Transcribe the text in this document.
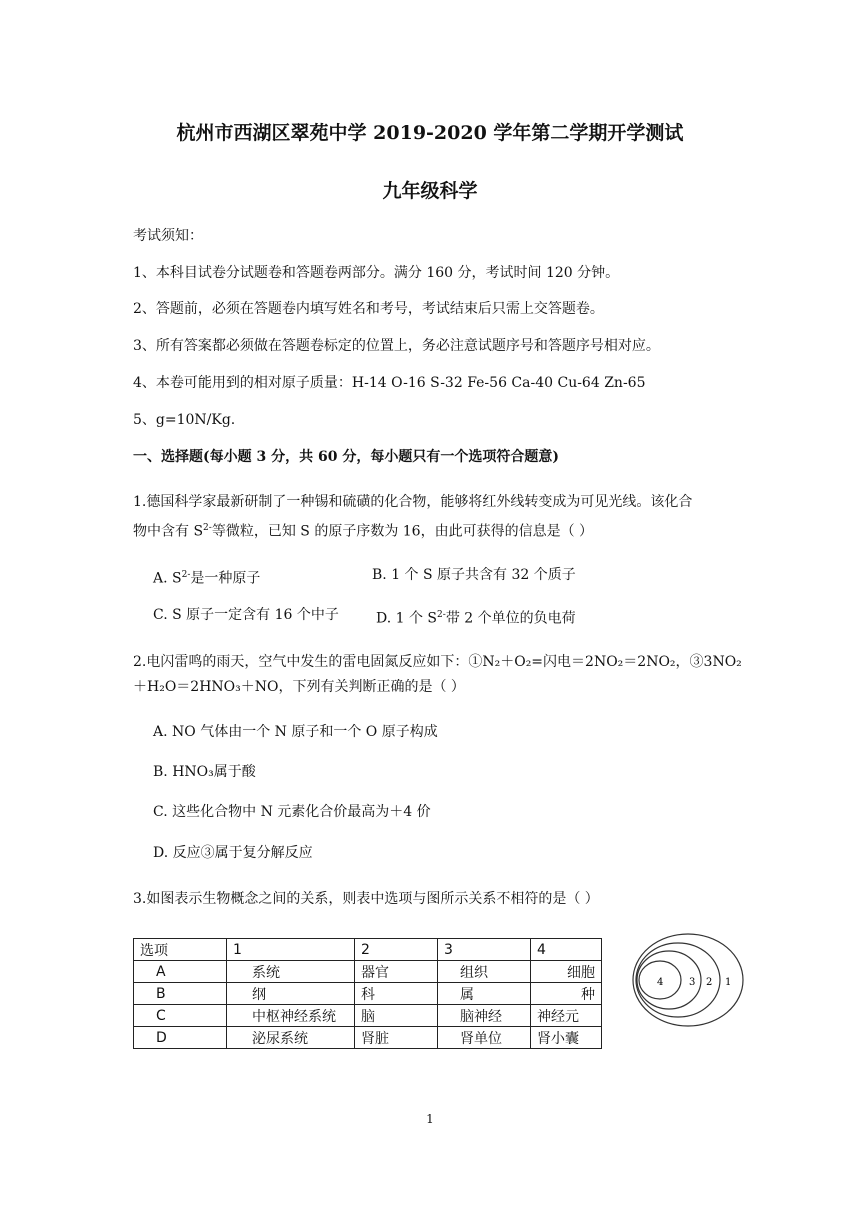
杭州市西湖区翠苑中学 2019-2020 学年第二学期开学测试
九年级科学
考试须知：
1、本科目试卷分试题卷和答题卷两部分。满分 160 分，考试时间 120 分钟。
2、答题前，必须在答题卷内填写姓名和考号，考试结束后只需上交答题卷。
3、所有答案都必须做在答题卷标定的位置上，务必注意试题序号和答题序号相对应。
4、本卷可能用到的相对原子质量：H-14 O-16 S-32 Fe-56 Ca-40 Cu-64 Zn-65
5、g=10N/Kg.
一、选择题(每小题 3 分，共 60 分，每小题只有一个选项符合题意)
1.德国科学家最新研制了一种锡和硫磺的化合物，能够将红外线转变成为可见光线。该化合
物中含有 $S^{2-}$等微粒，已知 S 的原子序数为 16，由此可获得的信息是（ ）
A. $S^{2-}$是一种原子	B. 1 个 S 原子共含有 32 个质子
C. S 原子一定含有 16 个中子	D. 1 个 $S^{2-}$带 2 个单位的负电荷
2.电闪雷鸣的雨天，空气中发生的雷电固氮反应如下：①N₂＋O₂=闪电＝2NO₂＝2NO₂，③3NO₂
＋H₂O＝2HNO₃＋NO，下列有关判断正确的是（ ）
A. NO 气体由一个 N 原子和一个 O 原子构成
B. HNO₃属于酸
C. 这些化合物中 N 元素化合价最高为＋4 价
D. 反应③属于复分解反应
3.如图表示生物概念之间的关系，则表中选项与图所示关系不相符的是（ ）
选项	1	2	3	4
A	系统	器官	组织	细胞
B	纲	科	属	种
C	中枢神经系统	脑	脑神经	神经元
D	泌尿系统	肾脏	肾单位	肾小囊
4	3 2 1
1
